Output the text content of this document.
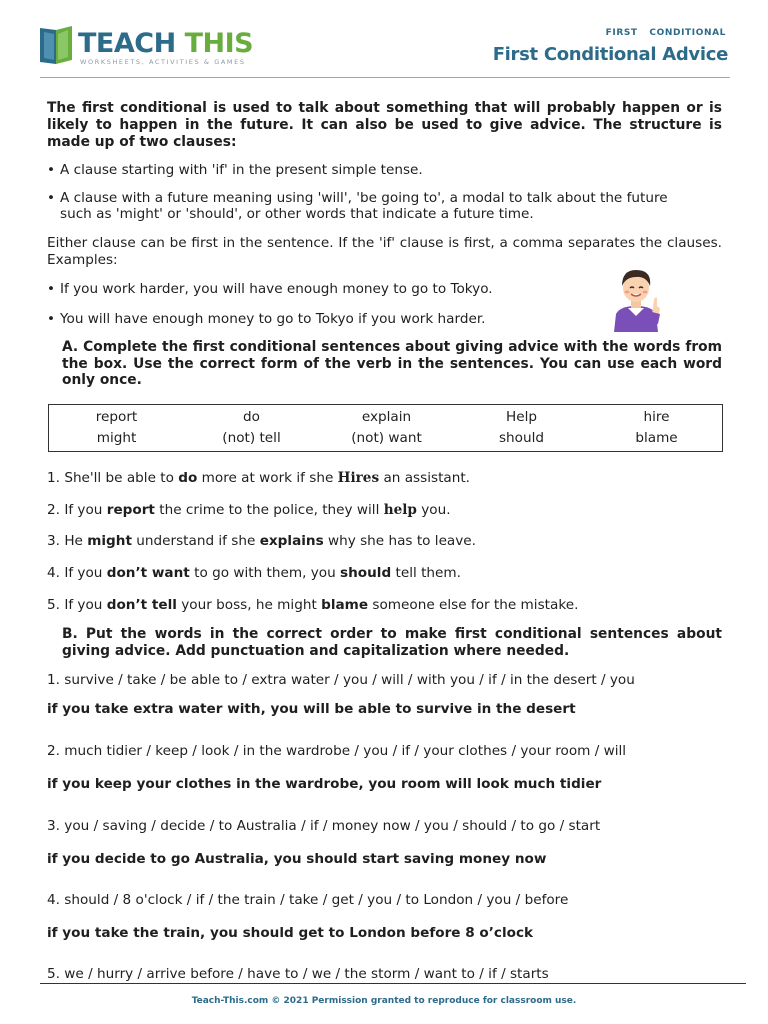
TEACH THIS
WORKSHEETS, ACTIVITIES & GAMES
FIRST CONDITIONAL
First Conditional Advice
The first conditional is used to talk about something that will probably happen or is likely to happen in the future. It can also be used to give advice. The structure is made up of two clauses:
• A clause starting with 'if' in the present simple tense.
• A clause with a future meaning using 'will', 'be going to', a modal to talk about the future
such as 'might' or 'should', or other words that indicate a future time.
Either clause can be first in the sentence. If the 'if' clause is first, a comma separates the clauses. Examples:
• If you work harder, you will have enough money to go to Tokyo.
• You will have enough money to go to Tokyo if you work harder.
A. Complete the first conditional sentences about giving advice with the words from the box. Use the correct form of the verb in the sentences. You can use each word only once.
report	do	explain	Help	hire
might	(not) tell	(not) want	should	blame
1. She'll be able to do more at work if she Hires an assistant.
2. If you report the crime to the police, they will help you.
3. He might understand if she explains why she has to leave.
4. If you don’t want to go with them, you should tell them.
5. If you don’t tell your boss, he might blame someone else for the mistake.
B. Put the words in the correct order to make first conditional sentences about giving advice. Add punctuation and capitalization where needed.
1. survive / take / be able to / extra water / you / will / with you / if / in the desert / you
if you take extra water with, you will be able to survive in the desert
2. much tidier / keep / look / in the wardrobe / you / if / your clothes / your room / will
if you keep your clothes in the wardrobe, you room will look much tidier
3. you / saving / decide / to Australia / if / money now / you / should / to go / start
if you decide to go Australia, you should start saving money now
4. should / 8 o'clock / if / the train / take / get / you / to London / you / before
if you take the train, you should get to London before 8 o’clock
5. we / hurry / arrive before / have to / we / the storm / want to / if / starts
Teach-This.com © 2021 Permission granted to reproduce for classroom use.
